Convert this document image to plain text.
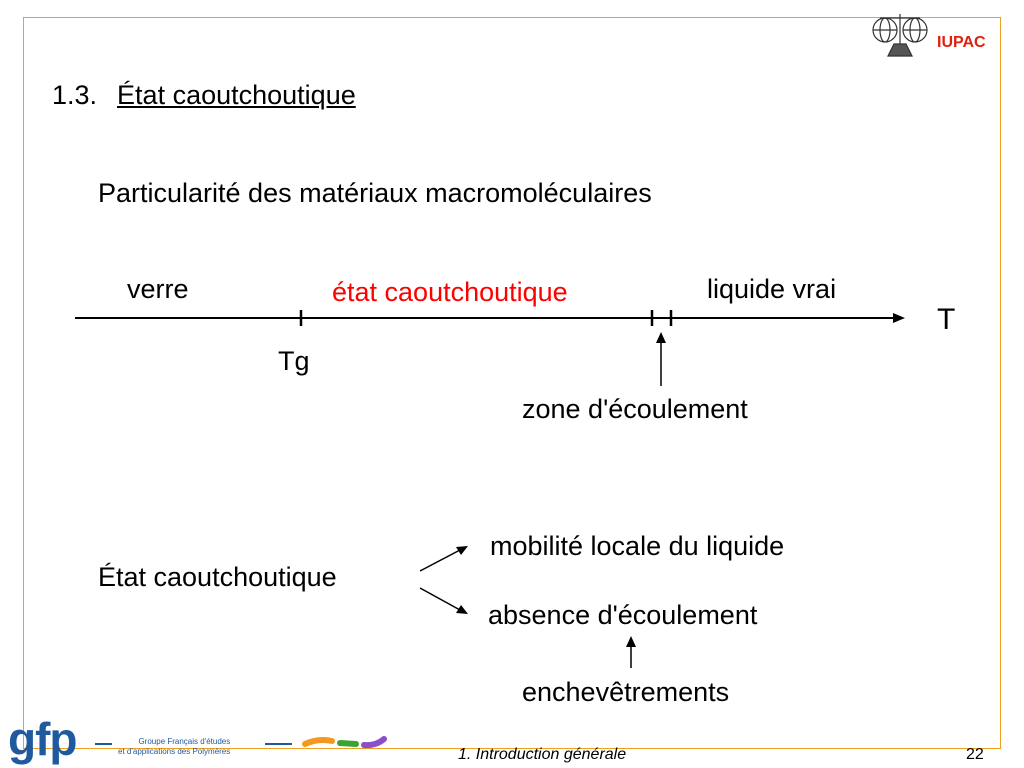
IUPAC
1.3. État caoutchoutique
Particularité des matériaux macromoléculaires
verre	état caoutchoutique	liquide vrai
T
Tg
zone d'écoulement
État caoutchoutique
mobilité locale du liquide
absence d'écoulement
enchevêtrements
gfp	Groupe Français d'études
et d'applications des Polymères	1. Introduction générale	22
